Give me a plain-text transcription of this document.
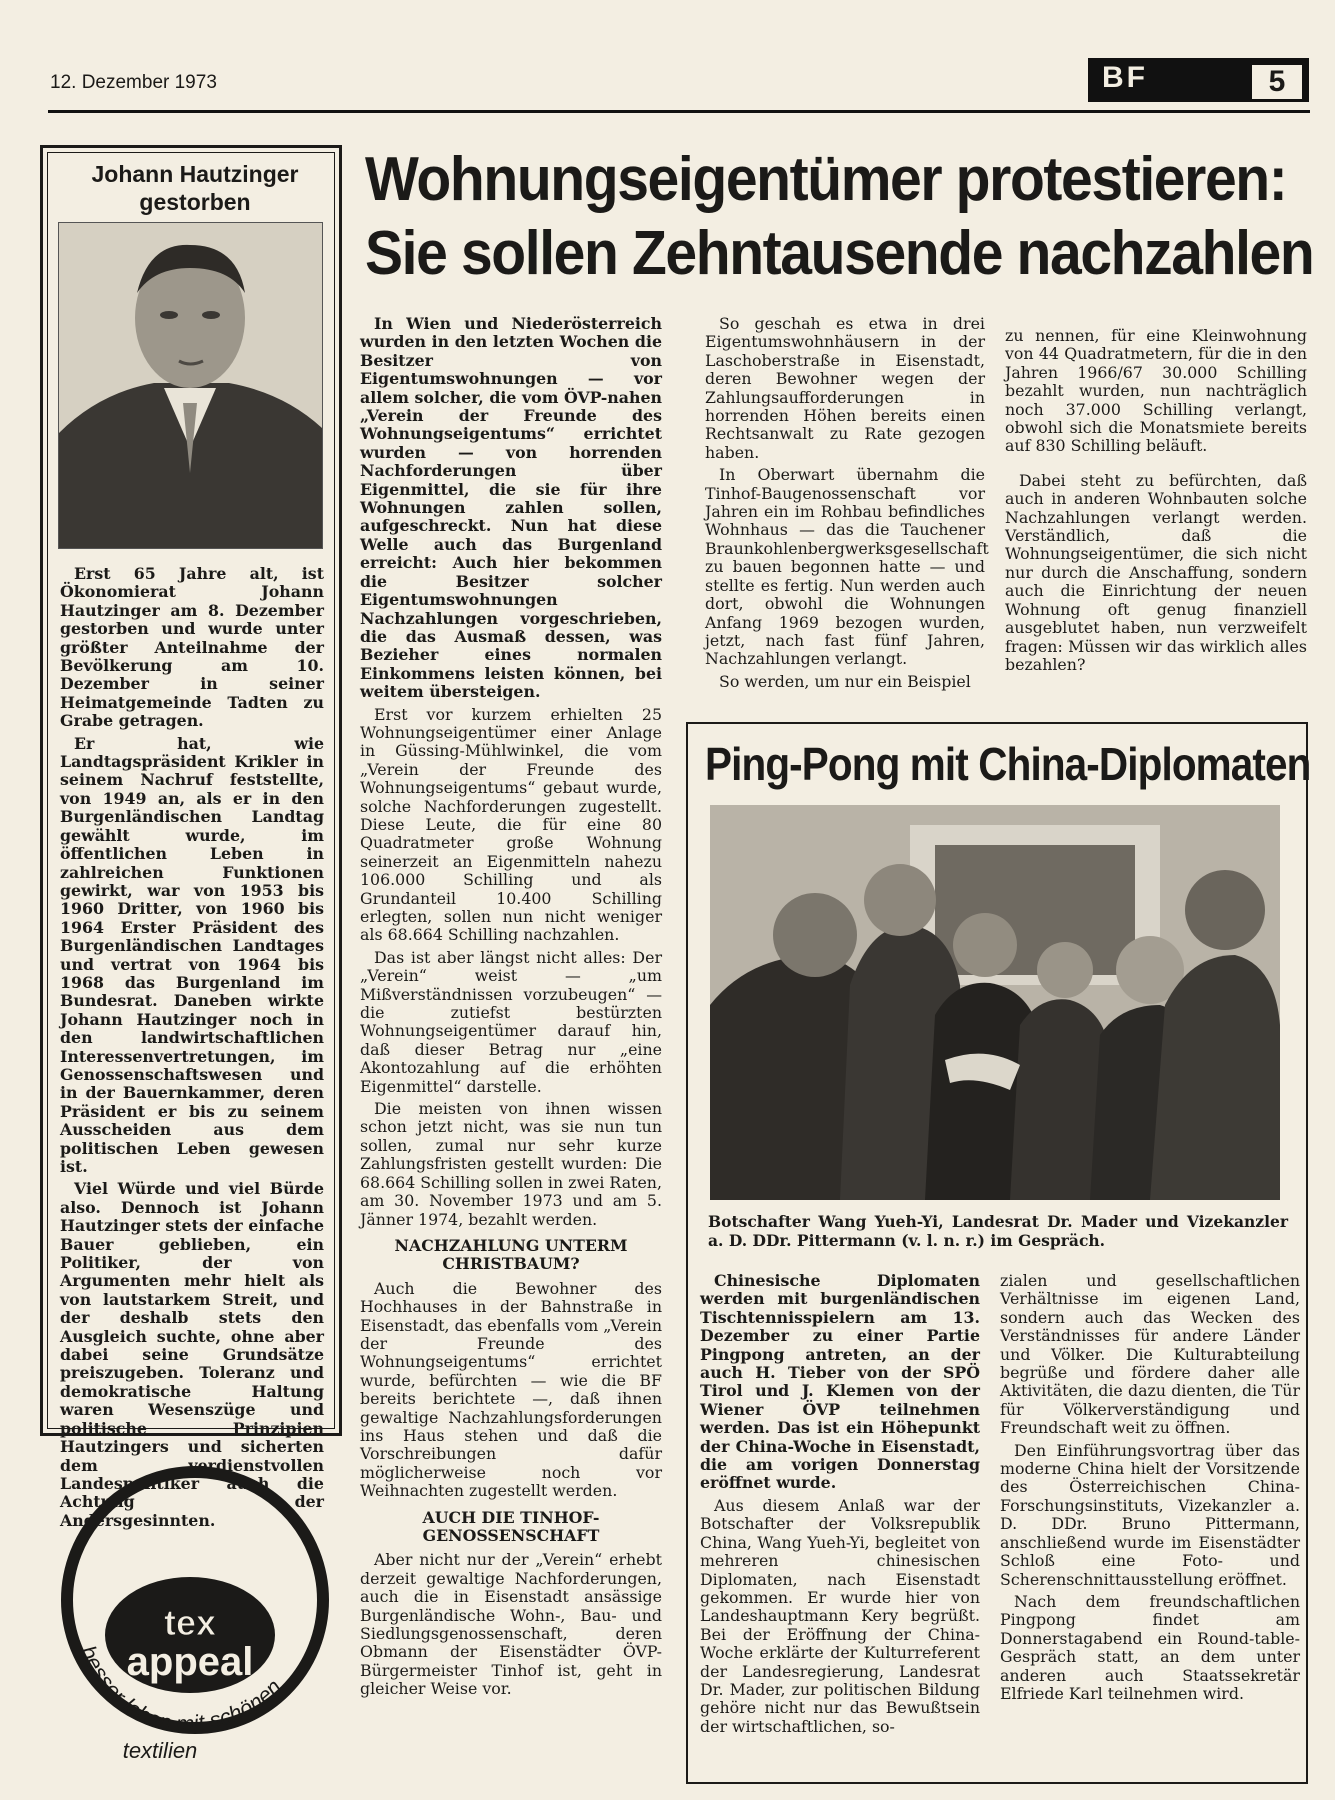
12. Dezember 1973	BF	5
Johann Hautzinger
gestorben

Erst 65 Jahre alt, ist Ökonomierat Johann Hautzinger am 8. Dezember gestorben und wurde unter größter Anteilnahme der Bevölkerung am 10. Dezember in seiner Heimatgemeinde Tadten zu Grabe getragen.

Er hat, wie Landtagspräsident Krikler in seinem Nachruf feststellte, von 1949 an, als er in den Burgenländischen Landtag gewählt wurde, im öffentlichen Leben in zahlreichen Funktionen gewirkt, war von 1953 bis 1960 Dritter, von 1960 bis 1964 Erster Präsident des Burgenländischen Landtages und vertrat von 1964 bis 1968 das Burgenland im Bundesrat. Daneben wirkte Johann Hautzinger noch in den landwirtschaftlichen Interessenvertretungen, im Genossenschaftswesen und in der Bauernkammer, deren Präsident er bis zu seinem Ausscheiden aus dem politischen Leben gewesen ist.

Viel Würde und viel Bürde also. Dennoch ist Johann Hautzinger stets der einfache Bauer geblieben, ein Politiker, der von Argumenten mehr hielt als von lautstarkem Streit, und der deshalb stets den Ausgleich suchte, ohne aber dabei seine Grundsätze preiszugeben. Toleranz und demokratische Haltung waren Wesenszüge und politische Prinzipien Hautzingers und sicherten dem verdienstvollen Landespolitiker auch die Achtung der Andersgesinnten.

Wohnungseigentümer protestieren:
Sie sollen Zehntausende nachzahlen

In Wien und Niederösterreich wurden in den letzten Wochen die Besitzer von Eigentumswohnungen — vor allem solcher, die vom ÖVP-nahen „Verein der Freunde des Wohnungseigentums“ errichtet wurden — von horrenden Nachforderungen über Eigenmittel, die sie für ihre Wohnungen zahlen sollen, aufgeschreckt. Nun hat diese Welle auch das Burgenland erreicht: Auch hier bekommen die Besitzer solcher Eigentumswohnungen Nachzahlungen vorgeschrieben, die das Ausmaß dessen, was Bezieher eines normalen Einkommens leisten können, bei weitem übersteigen.

Erst vor kurzem erhielten 25 Wohnungseigentümer einer Anlage in Güssing-Mühlwinkel, die vom „Verein der Freunde des Wohnungseigentums“ gebaut wurde, solche Nachforderungen zugestellt. Diese Leute, die für eine 80 Quadratmeter große Wohnung seinerzeit an Eigenmitteln nahezu 106.000 Schilling und als Grundanteil 10.400 Schilling erlegten, sollen nun nicht weniger als 68.664 Schilling nachzahlen.

Das ist aber längst nicht alles: Der „Verein“ weist — „um Mißverständnissen vorzubeugen“ — die zutiefst bestürzten Wohnungseigentümer darauf hin, daß dieser Betrag nur „eine Akontozahlung auf die erhöhten Eigenmittel“ darstelle.

Die meisten von ihnen wissen schon jetzt nicht, was sie nun tun sollen, zumal nur sehr kurze Zahlungsfristen gestellt wurden: Die 68.664 Schilling sollen in zwei Raten, am 30. November 1973 und am 5. Jänner 1974, bezahlt werden.

NACHZAHLUNG UNTERM CHRISTBAUM?

Auch die Bewohner des Hochhauses in der Bahnstraße in Eisenstadt, das ebenfalls vom „Verein der Freunde des Wohnungseigentums“ errichtet wurde, befürchten — wie die BF bereits berichtete —, daß ihnen gewaltige Nachzahlungsforderungen ins Haus stehen und daß die Vorschreibungen dafür möglicherweise noch vor Weihnachten zugestellt werden.

AUCH DIE TINHOF-GENOSSENSCHAFT

Aber nicht nur der „Verein“ erhebt derzeit gewaltige Nachforderungen, auch die in Eisenstadt ansässige Burgenländische Wohn-, Bau- und Siedlungsgenossenschaft, deren Obmann der Eisenstädter ÖVP-Bürgermeister Tinhof ist, geht in gleicher Weise vor.

So geschah es etwa in drei Eigentumswohnhäusern in der Laschoberstraße in Eisenstadt, deren Bewohner wegen der Zahlungsaufforderungen in horrenden Höhen bereits einen Rechtsanwalt zu Rate gezogen haben.

In Oberwart übernahm die Tinhof-Baugenossenschaft vor Jahren ein im Rohbau befindliches Wohnhaus — das die Tauchener Braunkohlenbergwerksgesellschaft zu bauen begonnen hatte — und stellte es fertig. Nun werden auch dort, obwohl die Wohnungen Anfang 1969 bezogen wurden, jetzt, nach fast fünf Jahren, Nachzahlungen verlangt.

So werden, um nur ein Beispiel

zu nennen, für eine Kleinwohnung von 44 Quadratmetern, für die in den Jahren 1966/67 30.000 Schilling bezahlt wurden, nun nachträglich noch 37.000 Schilling verlangt, obwohl sich die Monatsmiete bereits auf 830 Schilling beläuft.

Dabei steht zu befürchten, daß auch in anderen Wohnbauten solche Nachzahlungen verlangt werden. Verständlich, daß die Wohnungseigentümer, die sich nicht nur durch die Anschaffung, sondern auch die Einrichtung der neuen Wohnung oft genug finanziell ausgeblutet haben, nun verzweifelt fragen: Müssen wir das wirklich alles bezahlen?

Ping-Pong mit China-Diplomaten
Botschafter Wang Yueh-Yi, Landesrat Dr. Mader und Vizekanzler a. D. DDr. Pittermann (v. l. n. r.) im Gespräch.

Chinesische Diplomaten werden mit burgenländischen Tischtennisspielern am 13. Dezember zu einer Partie Pingpong antreten, an der auch H. Tieber von der SPÖ Tirol und J. Klemen von der Wiener ÖVP teilnehmen werden. Das ist ein Höhepunkt der China-Woche in Eisenstadt, die am vorigen Donnerstag eröffnet wurde.

Aus diesem Anlaß war der Botschafter der Volksrepublik China, Wang Yueh-Yi, begleitet von mehreren chinesischen Diplomaten, nach Eisenstadt gekommen. Er wurde hier von Landeshauptmann Kery begrüßt. Bei der Eröffnung der China-Woche erklärte der Kulturreferent der Landesregierung, Landesrat Dr. Mader, zur politischen Bildung gehöre nicht nur das Bewußtsein der wirtschaftlichen, so-

zialen und gesellschaftlichen Verhältnisse im eigenen Land, sondern auch das Wecken des Verständnisses für andere Länder und Völker. Die Kulturabteilung begrüße und fördere daher alle Aktivitäten, die dazu dienten, die Tür für Völkerverständigung und Freundschaft weit zu öffnen.

Den Einführungsvortrag über das moderne China hielt der Vorsitzende des Österreichischen China-Forschungsinstituts, Vizekanzler a. D. DDr. Bruno Pittermann, anschließend wurde im Eisenstädter Schloß eine Foto- und Scherenschnittausstellung eröffnet.

Nach dem freundschaftlichen Pingpong findet am Donnerstagabend ein Round-table-Gespräch statt, an dem unter anderen auch Staatssekretär Elfriede Karl teilnehmen wird.

tex
appeal
besser leben mit schönen
textilien
